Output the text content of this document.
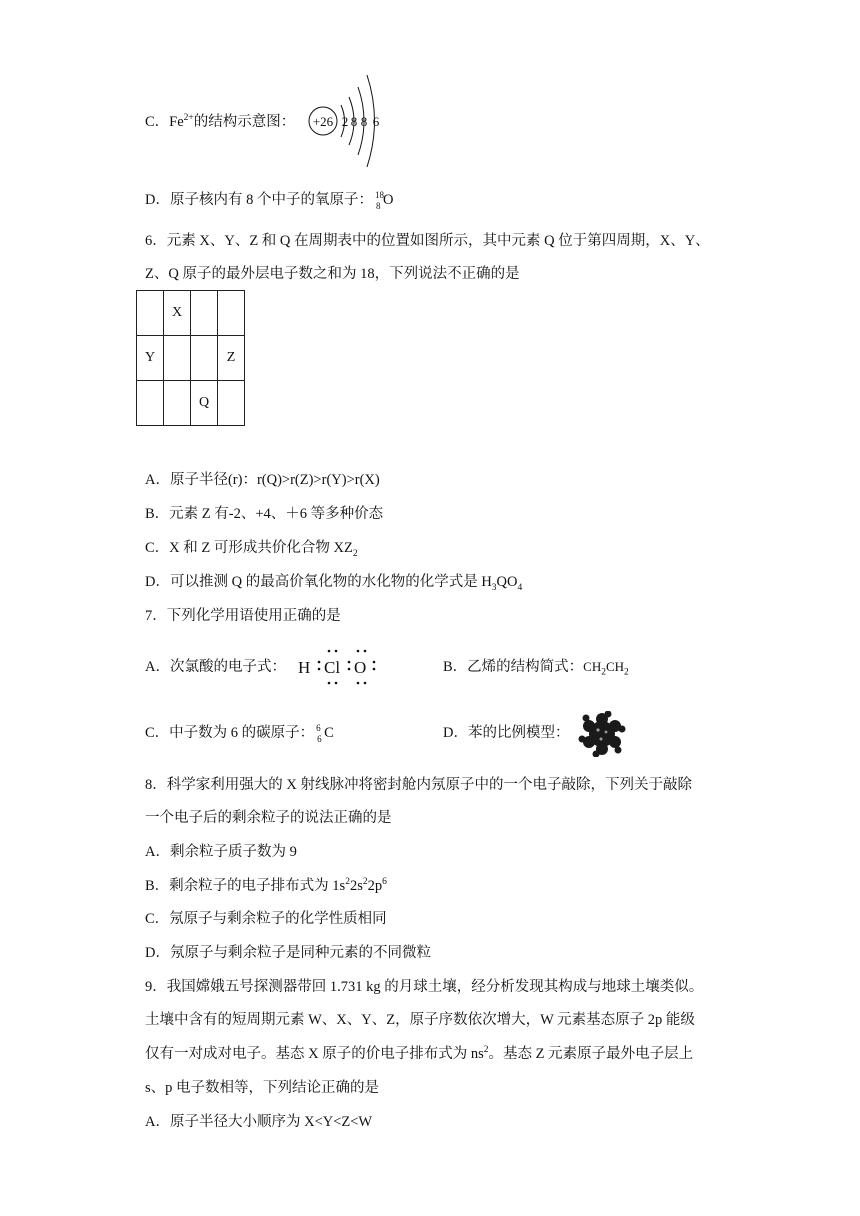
C．$Fe^{2+}$的结构示意图： +26 2 8 8 6
D．原子核内有 8 个中子的氧原子： 18
8 O
6．元素 X、Y、Z 和 Q 在周期表中的位置如图所示，其中元素 Q 位于第四周期，X、Y、
Z、Q 原子的最外层电子数之和为 18，下列说法不正确的是
	X		
Y			Z
		Q	
A．原子半径(r)：r(Q)>r(Z)>r(Y)>r(X)
B．元素 Z 有-2、+4、＋6 等多种价态
C．X 和 Z 可形成共价化合物 $XZ_2$
D．可以推测 Q 的最高价氧化物的水化物的化学式是 $H_3QO_4$
7．下列化学用语使用正确的是
A．次氯酸的电子式： H Cl O	B．乙烯的结构简式：$CH_2CH_2$
C．中子数为 6 的碳原子： 6
6 C	D．苯的比例模型：
8．科学家利用强大的 X 射线脉冲将密封舱内氖原子中的一个电子敲除，下列关于敲除
一个电子后的剩余粒子的说法正确的是
A．剩余粒子质子数为 9
B．剩余粒子的电子排布式为 $1s^22s^22p^6$
C．氖原子与剩余粒子的化学性质相同
D．氖原子与剩余粒子是同种元素的不同微粒
9．我国嫦娥五号探测器带回 1.731 kg 的月球土壤，经分析发现其构成与地球土壤类似。
土壤中含有的短周期元素 W、X、Y、Z，原子序数依次增大，W 元素基态原子 2p 能级
仅有一对成对电子。基态 X 原子的价电子排布式为 $ns^2$。基态 Z 元素原子最外电子层上
s、p 电子数相等，下列结论正确的是
A．原子半径大小顺序为 X<Y<Z<W
